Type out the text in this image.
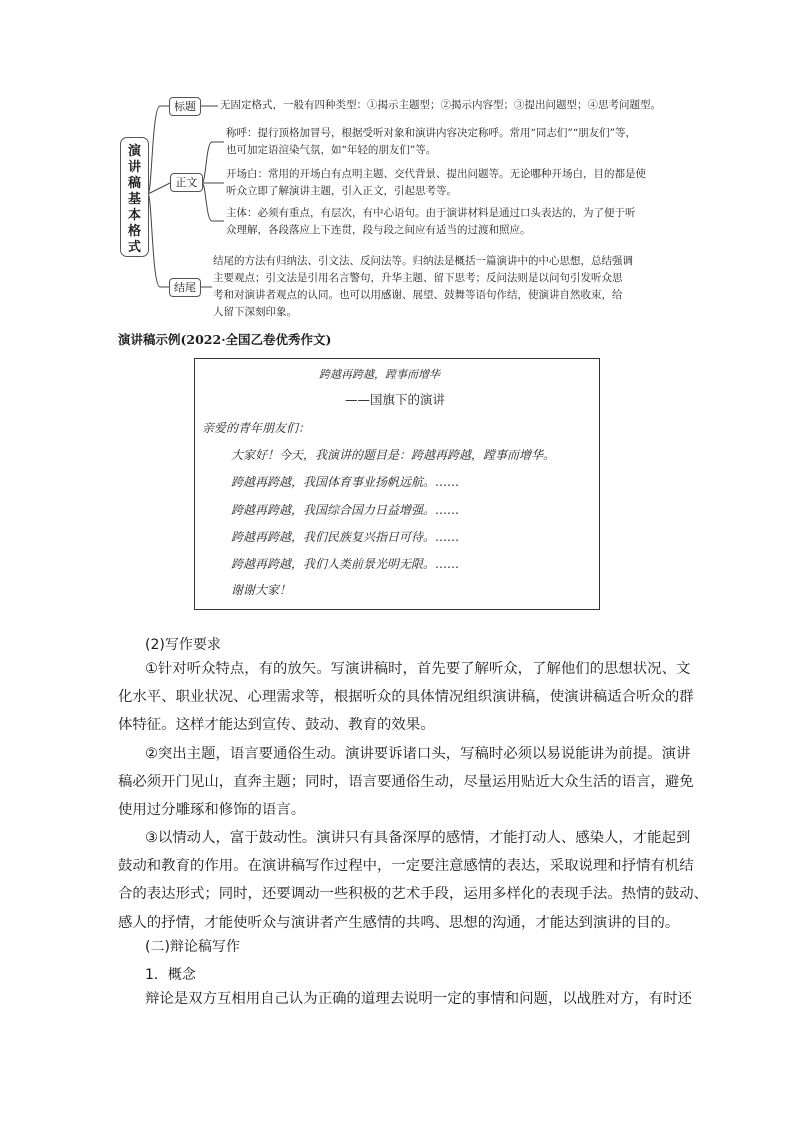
演
讲
稿
基
本
格
式
标题	无固定格式，一般有四种类型：①揭示主题型；②揭示内容型；③提出问题型；④思考问题型。
正文
称呼：提行顶格加冒号，根据受听对象和演讲内容决定称呼。常用“同志们”“朋友们”等，
也可加定语渲染气氛，如“年轻的朋友们”等。
开场白：常用的开场白有点明主题、交代背景、提出问题等。无论哪种开场白，目的都是使
听众立即了解演讲主题，引入正文，引起思考等。
主体：必须有重点，有层次，有中心语句。由于演讲材料是通过口头表达的，为了便于听
众理解，各段落应上下连贯，段与段之间应有适当的过渡和照应。
结尾
结尾的方法有归纳法、引文法、反问法等。归纳法是概括一篇演讲中的中心思想，总结强调
主要观点；引文法是引用名言警句，升华主题、留下思考；反问法则是以问句引发听众思
考和对演讲者观点的认同。也可以用感谢、展望、鼓舞等语句作结，使演讲自然收束，给
人留下深刻印象。
演讲稿示例(2022·全国乙卷优秀作文)
跨越再跨越，蹚事而增华
——国旗下的演讲
亲爱的青年朋友们：
大家好！今天，我演讲的题目是：跨越再跨越，蹚事而增华。
跨越再跨越，我国体育事业扬帆远航。……
跨越再跨越，我国综合国力日益增强。……
跨越再跨越，我们民族复兴指日可待。……
跨越再跨越，我们人类前景光明无限。……
谢谢大家！
(2)写作要求
①针对听众特点，有的放矢。写演讲稿时，首先要了解听众，了解他们的思想状况、文
化水平、职业状况、心理需求等，根据听众的具体情况组织演讲稿，使演讲稿适合听众的群
体特征。这样才能达到宣传、鼓动、教育的效果。
②突出主题，语言要通俗生动。演讲要诉诸口头，写稿时必须以易说能讲为前提。演讲
稿必须开门见山，直奔主题；同时，语言要通俗生动，尽量运用贴近大众生活的语言，避免
使用过分雕琢和修饰的语言。
③以情动人，富于鼓动性。演讲只有具备深厚的感情，才能打动人、感染人，才能起到
鼓动和教育的作用。在演讲稿写作过程中，一定要注意感情的表达，采取说理和抒情有机结
合的表达形式；同时，还要调动一些积极的艺术手段，运用多样化的表现手法。热情的鼓动、
感人的抒情，才能使听众与演讲者产生感情的共鸣、思想的沟通，才能达到演讲的目的。
(二)辩论稿写作
1．概念
辩论是双方互相用自己认为正确的道理去说明一定的事情和问题，以战胜对方，有时还
